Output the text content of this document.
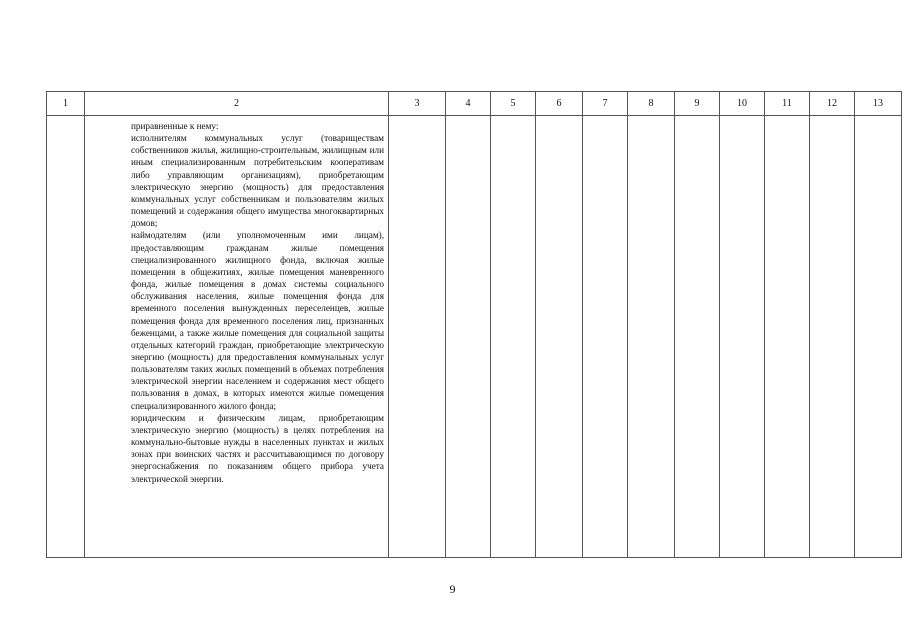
1	2	3	4	5	6	7	8	9	10	11	12	13

	приравненные к нему:

исполнителям коммунальных услуг (товариществам собственников жилья, жилищно-строительным, жилищным или иным специализированным потребительским кооперативам либо управляющим организациям), приобретающим электрическую энергию (мощность) для предоставления коммунальных услуг собственникам и пользователям жилых помещений и содержания общего имущества многоквартирных домов;

наймодателям (или уполномоченным ими лицам), предоставляющим гражданам жилые помещения специализированного жилищного фонда, включая жилые помещения в общежитиях, жилые помещения маневренного фонда, жилые помещения в домах системы социального обслуживания населения, жилые помещения фонда для временного поселения вынужденных переселенцев, жилые помещения фонда для временного поселения лиц, признанных беженцами, а также жилые помещения для социальной защиты отдельных категорий граждан, приобретающие электрическую энергию (мощность) для предоставления коммунальных услуг пользователям таких жилых помещений в объемах потребления электрической энергии населением и содержания мест общего пользования в домах, в которых имеются жилые помещения специализированного жилого фонда;

юридическим и физическим лицам, приобретающим электрическую энергию (мощность) в целях потребления на коммунально-бытовые нужды в населенных пунктах и жилых зонах при воинских частях и рассчитывающимся по договору энергоснабжения по показаниям общего прибора учета электрической энергии.											

9
